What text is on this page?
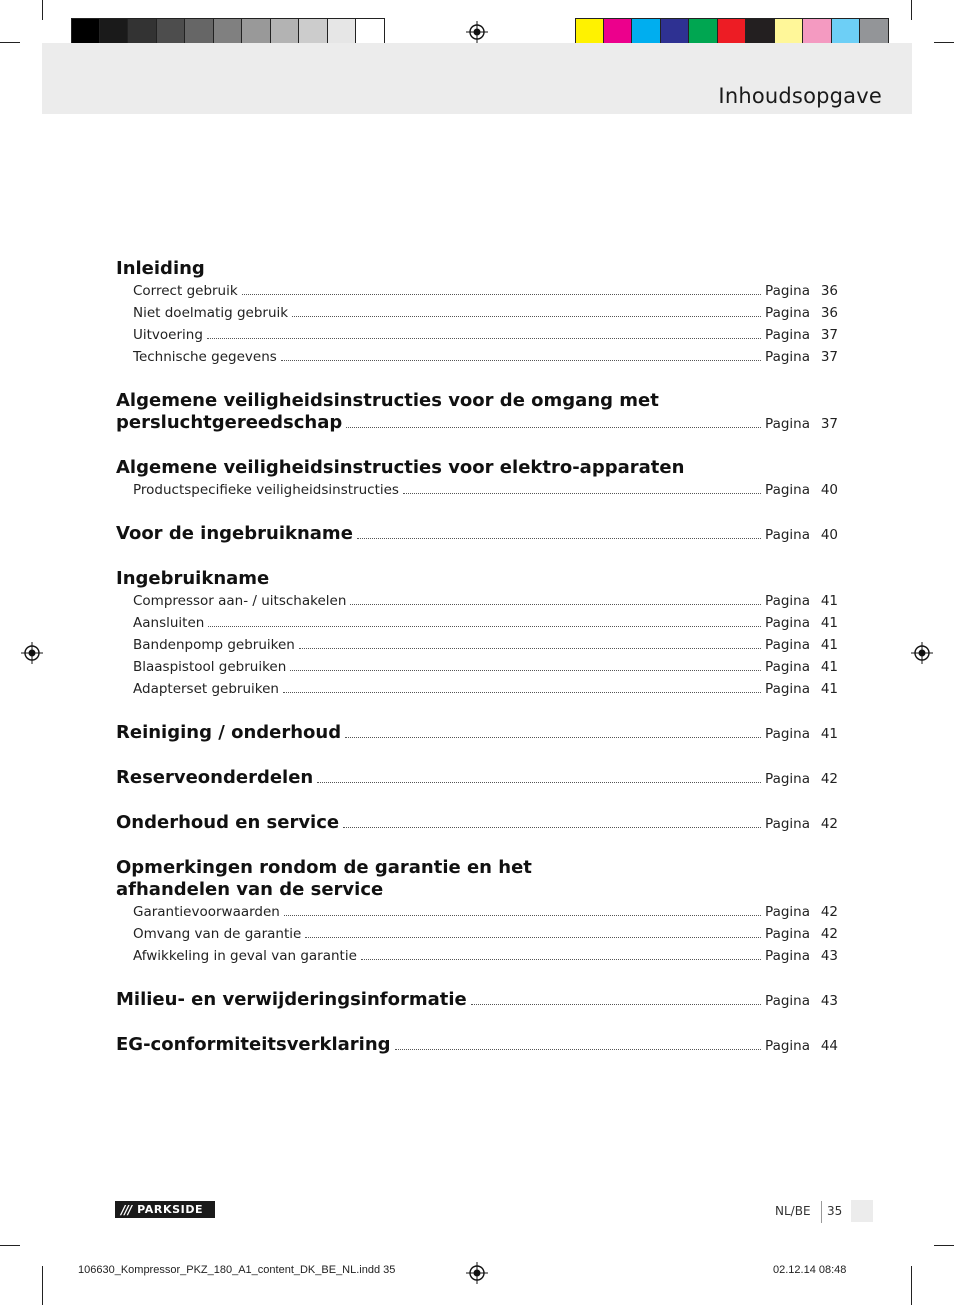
Inhoudsopgave
Inleiding
Correct gebruik	Pagina 36
Niet doelmatig gebruik	Pagina 36
Uitvoering	Pagina 37
Technische gegevens	Pagina 37
Algemene veiligheidsinstructies voor de omgang met
persluchtgereedschap	Pagina 37
Algemene veiligheidsinstructies voor elektro-apparaten
Productspecifieke veiligheidsinstructies	Pagina 40
Voor de ingebruikname	Pagina 40
Ingebruikname
Compressor aan- / uitschakelen	Pagina 41
Aansluiten	Pagina 41
Bandenpomp gebruiken	Pagina 41
Blaaspistool gebruiken	Pagina 41
Adapterset gebruiken	Pagina 41
Reiniging / onderhoud	Pagina 41
Reserveonderdelen	Pagina 42
Onderhoud en service	Pagina 42
Opmerkingen rondom de garantie en het
afhandelen van de service
Garantievoorwaarden	Pagina 42
Omvang van de garantie	Pagina 42
Afwikkeling in geval van garantie	Pagina 43
Milieu- en verwijderingsinformatie	Pagina 43
EG-conformiteitsverklaring	Pagina 44
/// PARKSIDE	NL/BE 35
106630_Kompressor_PKZ_180_A1_content_DK_BE_NL.indd 35	02.12.14 08:48
